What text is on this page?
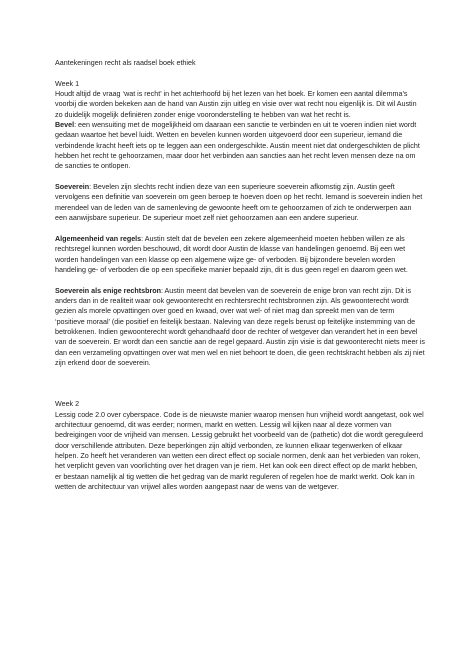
Aantekeningen recht als raadsel boek ethiek

Week 1

Houdt altijd de vraag ‘wat is recht’ in het achterhoofd bij het lezen van het boek. Er komen een aantal dilemma’s voorbij die worden bekeken aan de hand van Austin zijn uitleg en visie over wat recht nou eigenlijk is. Dit wil Austin zo duidelijk mogelijk definiëren zonder enige vooronderstelling te hebben van wat het recht is.

Bevel: een wensuiting met de mogelijkheid om daaraan een sanctie te verbinden en uit te voeren indien niet wordt gedaan waartoe het bevel luidt. Wetten en bevelen kunnen worden uitgevoerd door een superieur, iemand die verbindende kracht heeft iets op te leggen aan een ondergeschikte. Austin meent niet dat ondergeschikten de plicht hebben het recht te gehoorzamen, maar door het verbinden aan sancties aan het recht leven mensen deze na om de sancties te ontlopen.

Soeverein: Bevelen zijn slechts recht indien deze van een superieure soeverein afkomstig zijn. Austin geeft vervolgens een definitie van soeverein om geen beroep te hoeven doen op het recht. Iemand is soeverein indien het merendeel van de leden van de samenleving de gewoonte heeft om te gehoorzamen of zich te onderwerpen aan een aanwijsbare superieur. De superieur moet zelf niet gehoorzamen aan een andere superieur.

Algemeenheid van regels: Austin stelt dat de bevelen een zekere algemeenheid moeten hebben willen ze als rechtsregel kunnen worden beschouwd, dit wordt door Austin de klasse van handelingen genoemd. Bij een wet worden handelingen van een klasse op een algemene wijze ge- of verboden. Bij bijzondere bevelen worden handeling ge- of verboden die op een specifieke manier bepaald zijn, dit is dus geen regel en daarom geen wet.

Soeverein als enige rechtsbron: Austin meent dat bevelen van de soeverein de enige bron van recht zijn. Dit is anders dan in de realiteit waar ook gewoonterecht en rechtersrecht rechtsbronnen zijn. Als gewoonterecht wordt gezien als morele opvattingen over goed en kwaad, over wat wel- of niet mag dan spreekt men van de term ‘positieve moraal’ (die positief en feitelijk bestaan. Naleving van deze regels berust op feitelijke instemming van de betrokkenen. Indien gewoonterecht wordt gehandhaafd door de rechter of wetgever dan verandert het in een bevel van de soeverein. Er wordt dan een sanctie aan de regel gepaard. Austin zijn visie is dat gewoonterecht niets meer is dan een verzameling opvattingen over wat men wel en niet behoort te doen, die geen rechtskracht hebben als zij niet zijn erkend door de soeverein.

Week 2

Lessig code 2.0 over cyberspace. Code is de nieuwste manier waarop mensen hun vrijheid wordt aangetast, ook wel architectuur genoemd, dit was eerder; normen, markt en wetten. Lessig wil kijken naar al deze vormen van bedreigingen voor de vrijheid van mensen. Lessig gebruikt het voorbeeld van de (pathetic) dot die wordt gereguleerd door verschillende attributen. Deze beperkingen zijn altijd verbonden, ze kunnen elkaar tegenwerken of elkaar helpen. Zo heeft het veranderen van wetten een direct effect op sociale normen, denk aan het verbieden van roken, het verplicht geven van voorlichting over het dragen van je riem. Het kan ook een direct effect op de markt hebben, er bestaan namelijk al tig wetten die het gedrag van de markt reguleren of regelen hoe de markt werkt. Ook kan in wetten de architectuur van vrijwel alles worden aangepast naar de wens van de wetgever.
